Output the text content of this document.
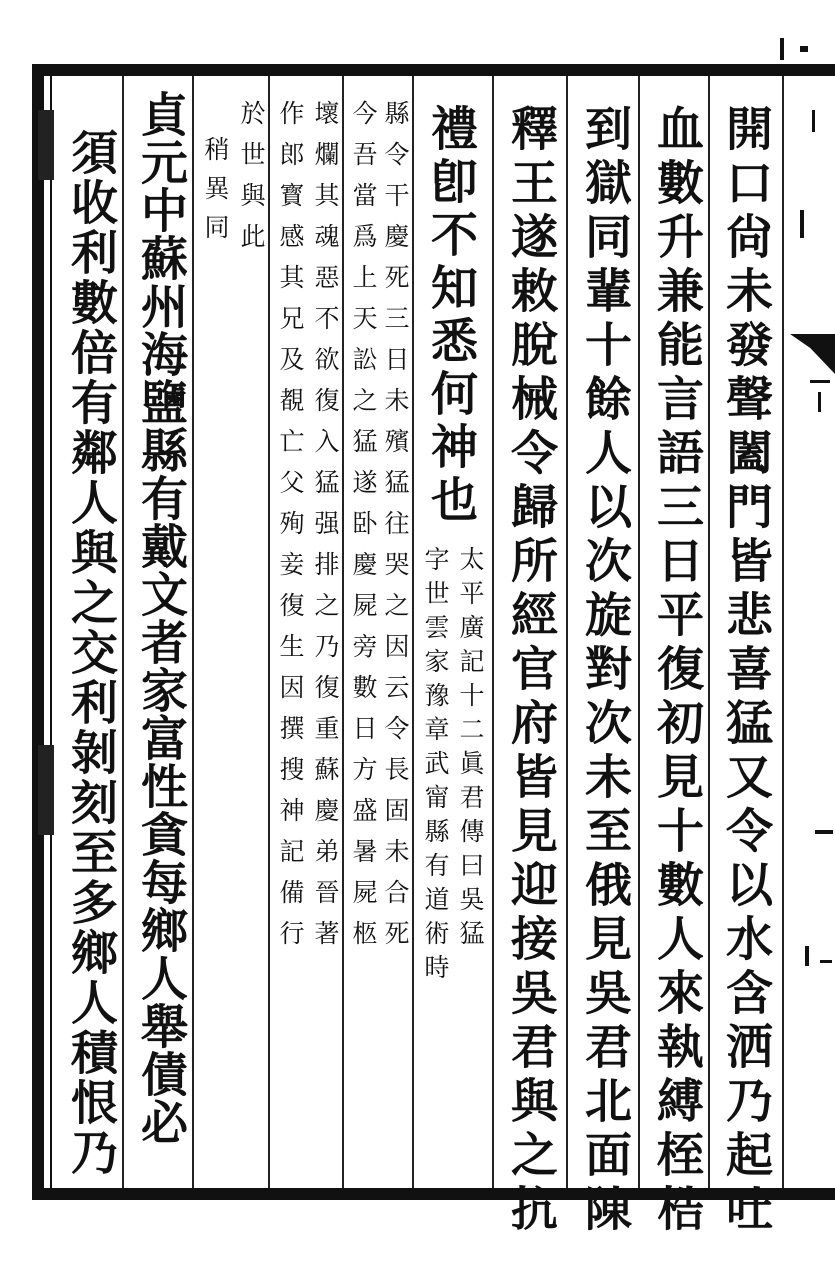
開口尙未發聲闔門皆悲喜猛又令以水含洒乃起吐
血數升兼能言語三日平復初見十數人來執縛桎梏
到獄同輩十餘人以次旋對次未至俄見吳君北面陳
釋王遂敕脫械令歸所經官府皆見迎接吳君與之抗
禮卽不知悉何神也
太平廣記十二眞君傳曰吳猛
字世雲家豫章武甯縣有道術時
縣令干慶死三日未殯猛往哭之因云令長固未合死
今吾當爲上天訟之猛遂卧慶屍旁數日方盛暑屍柩
壞爛其魂惡不欲復入猛强排之乃復重蘇慶弟晉著
作郎寳感其兄及覩亡父殉妾復生因撰搜神記備行
於世與此
稍異同
貞元中蘇州海鹽縣有戴文者家富性貪每鄉人舉債必
須收利數倍有鄰人與之交利剝刻至多鄉人積恨乃
